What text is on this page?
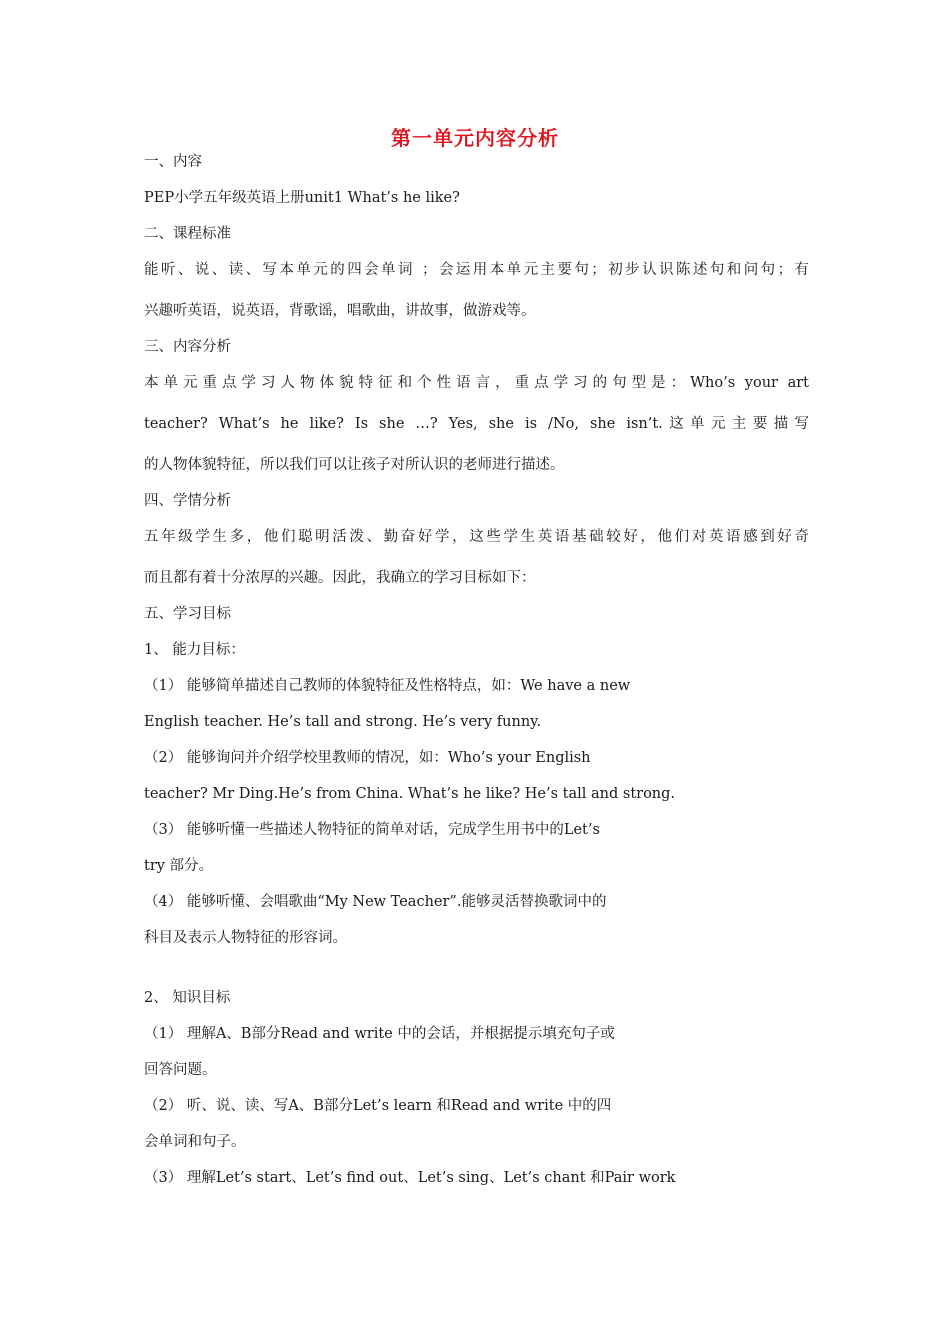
第一单元内容分析
一、内容
PEP小学五年级英语上册unit1 What’s he like?
二、课程标准
能听、说、读、写本单元的四会单词 ；会运用本单元主要句；初步认识陈述句和问句；有
兴趣听英语，说英语，背歌谣，唱歌曲，讲故事，做游戏等。
三、内容分析
本单元重点学习人物体貌特征和个性语言，重点学习的句型是：Who’s your art
teacher? What’s he like? Is she …? Yes, she is /No, she isn’t.这单元主要描写
的人物体貌特征，所以我们可以让孩子对所认识的老师进行描述。
四、学情分析
五年级学生多，他们聪明活泼、勤奋好学，这些学生英语基础较好，他们对英语感到好奇
而且都有着十分浓厚的兴趣。因此，我确立的学习目标如下：
五、学习目标
1、 能力目标：
（1） 能够简单描述自己教师的体貌特征及性格特点，如：We have a new
English teacher. He’s tall and strong. He’s very funny.
（2） 能够询问并介绍学校里教师的情况，如：Who’s your English
teacher? Mr Ding.He’s from China. What’s he like? He’s tall and strong.
（3） 能够听懂一些描述人物特征的简单对话，完成学生用书中的Let’s
try 部分。
（4） 能够听懂、会唱歌曲“My New Teacher”.能够灵活替换歌词中的
科目及表示人物特征的形容词。
2、 知识目标
（1） 理解A、B部分Read and write 中的会话，并根据提示填充句子或
回答问题。
（2） 听、说、读、写A、B部分Let’s learn 和Read and write 中的四
会单词和句子。
（3） 理解Let’s start、Let’s find out、Let’s sing、Let’s chant 和Pair work
